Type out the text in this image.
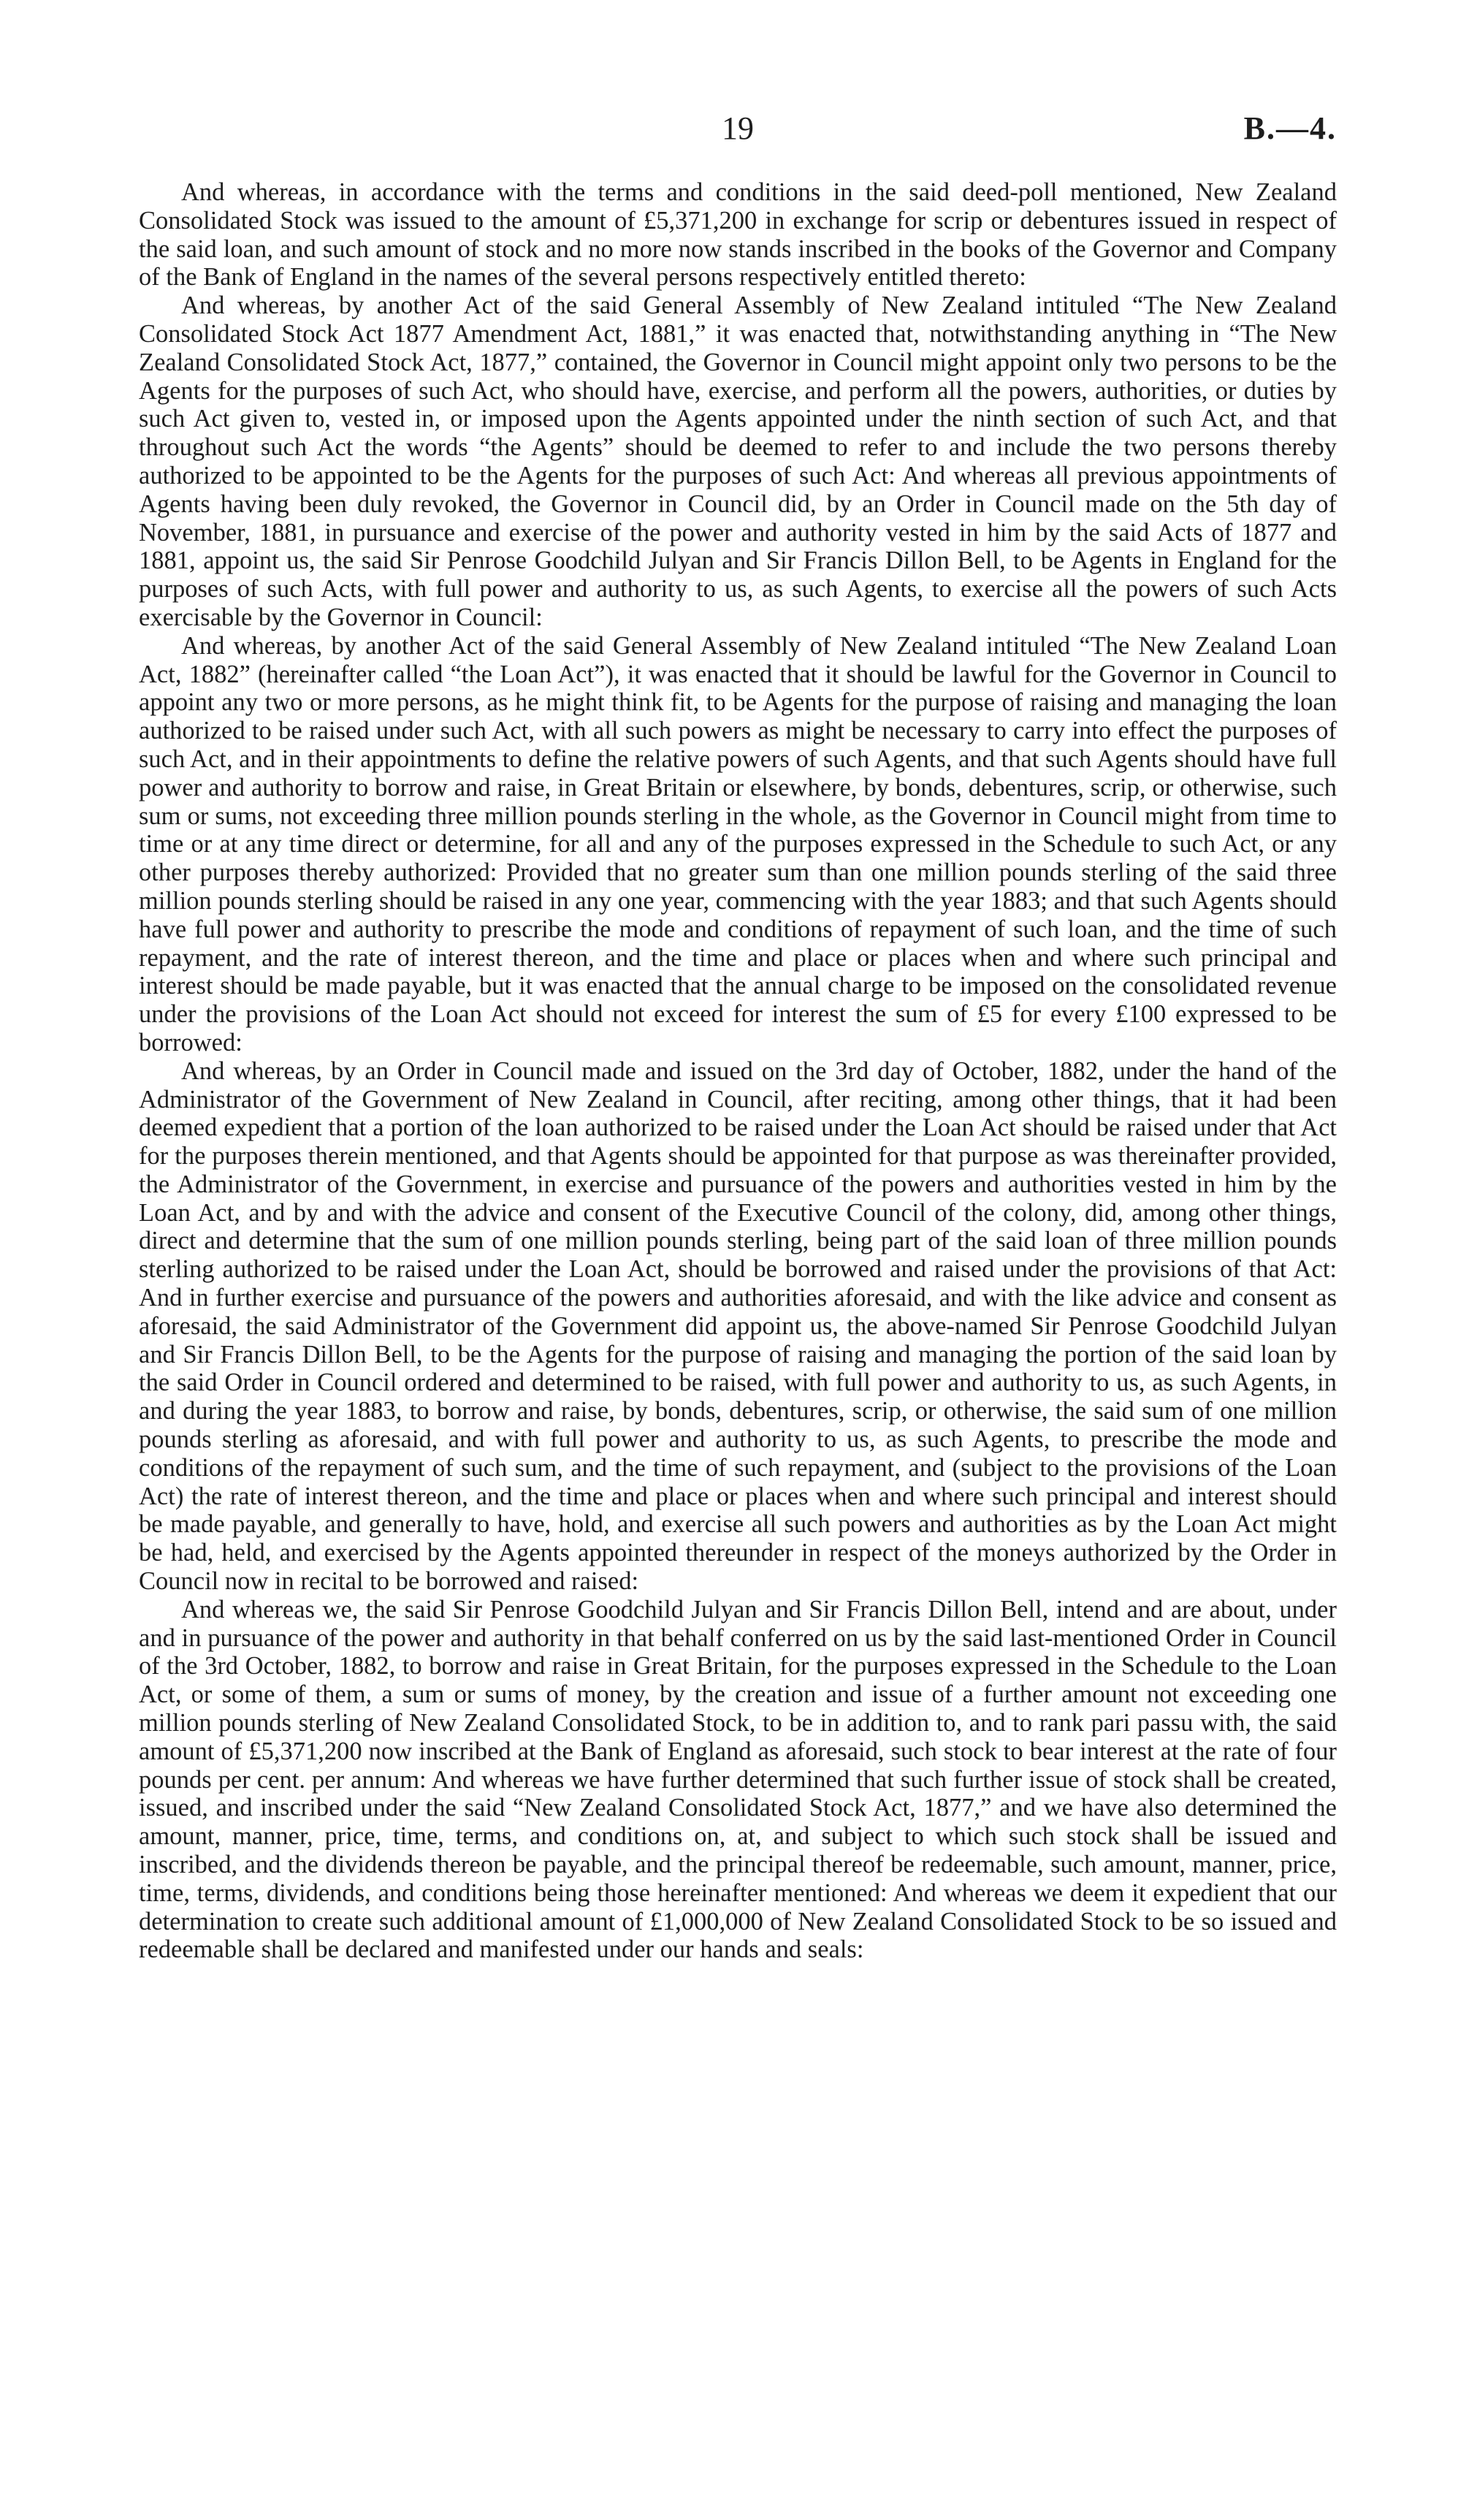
19	B.—4.

And whereas, in accordance with the terms and conditions in the said deed-poll mentioned, New Zealand Consolidated Stock was issued to the amount of £5,371,200 in exchange for scrip or debentures issued in respect of the said loan, and such amount of stock and no more now stands inscribed in the books of the Governor and Company of the Bank of England in the names of the several persons respectively entitled thereto:

And whereas, by another Act of the said General Assembly of New Zealand intituled “The New Zealand Consolidated Stock Act 1877 Amendment Act, 1881,” it was enacted that, notwithstanding anything in “The New Zealand Consolidated Stock Act, 1877,” contained, the Governor in Council might appoint only two persons to be the Agents for the purposes of such Act, who should have, exercise, and perform all the powers, authorities, or duties by such Act given to, vested in, or imposed upon the Agents appointed under the ninth section of such Act, and that throughout such Act the words “the Agents” should be deemed to refer to and include the two persons thereby authorized to be appointed to be the Agents for the purposes of such Act: And whereas all previous appointments of Agents having been duly revoked, the Governor in Council did, by an Order in Council made on the 5th day of November, 1881, in pursuance and exercise of the power and authority vested in him by the said Acts of 1877 and 1881, appoint us, the said Sir Penrose Goodchild Julyan and Sir Francis Dillon Bell, to be Agents in England for the purposes of such Acts, with full power and authority to us, as such Agents, to exercise all the powers of such Acts exercisable by the Governor in Council:

And whereas, by another Act of the said General Assembly of New Zealand intituled “The New Zealand Loan Act, 1882” (hereinafter called “the Loan Act”), it was enacted that it should be lawful for the Governor in Council to appoint any two or more persons, as he might think fit, to be Agents for the purpose of raising and managing the loan authorized to be raised under such Act, with all such powers as might be necessary to carry into effect the purposes of such Act, and in their appointments to define the relative powers of such Agents, and that such Agents should have full power and authority to borrow and raise, in Great Britain or elsewhere, by bonds, debentures, scrip, or otherwise, such sum or sums, not exceeding three million pounds sterling in the whole, as the Governor in Council might from time to time or at any time direct or determine, for all and any of the purposes expressed in the Schedule to such Act, or any other purposes thereby authorized: Provided that no greater sum than one million pounds sterling of the said three million pounds sterling should be raised in any one year, commencing with the year 1883; and that such Agents should have full power and authority to prescribe the mode and conditions of repayment of such loan, and the time of such repayment, and the rate of interest thereon, and the time and place or places when and where such principal and interest should be made payable, but it was enacted that the annual charge to be imposed on the consolidated revenue under the provisions of the Loan Act should not exceed for interest the sum of £5 for every £100 expressed to be borrowed:

And whereas, by an Order in Council made and issued on the 3rd day of October, 1882, under the hand of the Administrator of the Government of New Zealand in Council, after reciting, among other things, that it had been deemed expedient that a portion of the loan authorized to be raised under the Loan Act should be raised under that Act for the purposes therein mentioned, and that Agents should be appointed for that purpose as was thereinafter provided, the Administrator of the Government, in exercise and pursuance of the powers and authorities vested in him by the Loan Act, and by and with the advice and consent of the Executive Council of the colony, did, among other things, direct and determine that the sum of one million pounds sterling, being part of the said loan of three million pounds sterling authorized to be raised under the Loan Act, should be borrowed and raised under the provisions of that Act: And in further exercise and pursuance of the powers and authorities aforesaid, and with the like advice and consent as aforesaid, the said Administrator of the Government did appoint us, the above-named Sir Penrose Goodchild Julyan and Sir Francis Dillon Bell, to be the Agents for the purpose of raising and managing the portion of the said loan by the said Order in Council ordered and determined to be raised, with full power and authority to us, as such Agents, in and during the year 1883, to borrow and raise, by bonds, debentures, scrip, or otherwise, the said sum of one million pounds sterling as aforesaid, and with full power and authority to us, as such Agents, to prescribe the mode and conditions of the repayment of such sum, and the time of such repayment, and (subject to the provisions of the Loan Act) the rate of interest thereon, and the time and place or places when and where such principal and interest should be made payable, and generally to have, hold, and exercise all such powers and authorities as by the Loan Act might be had, held, and exercised by the Agents appointed thereunder in respect of the moneys authorized by the Order in Council now in recital to be borrowed and raised:

And whereas we, the said Sir Penrose Goodchild Julyan and Sir Francis Dillon Bell, intend and are about, under and in pursuance of the power and authority in that behalf conferred on us by the said last-mentioned Order in Council of the 3rd October, 1882, to borrow and raise in Great Britain, for the purposes expressed in the Schedule to the Loan Act, or some of them, a sum or sums of money, by the creation and issue of a further amount not exceeding one million pounds sterling of New Zealand Consolidated Stock, to be in addition to, and to rank pari passu with, the said amount of £5,371,200 now inscribed at the Bank of England as aforesaid, such stock to bear interest at the rate of four pounds per cent. per annum: And whereas we have further determined that such further issue of stock shall be created, issued, and inscribed under the said “New Zealand Consolidated Stock Act, 1877,” and we have also determined the amount, manner, price, time, terms, and conditions on, at, and subject to which such stock shall be issued and inscribed, and the dividends thereon be payable, and the principal thereof be redeemable, such amount, manner, price, time, terms, dividends, and conditions being those hereinafter mentioned: And whereas we deem it expedient that our determination to create such additional amount of £1,000,000 of New Zealand Consolidated Stock to be so issued and redeemable shall be declared and manifested under our hands and seals:
